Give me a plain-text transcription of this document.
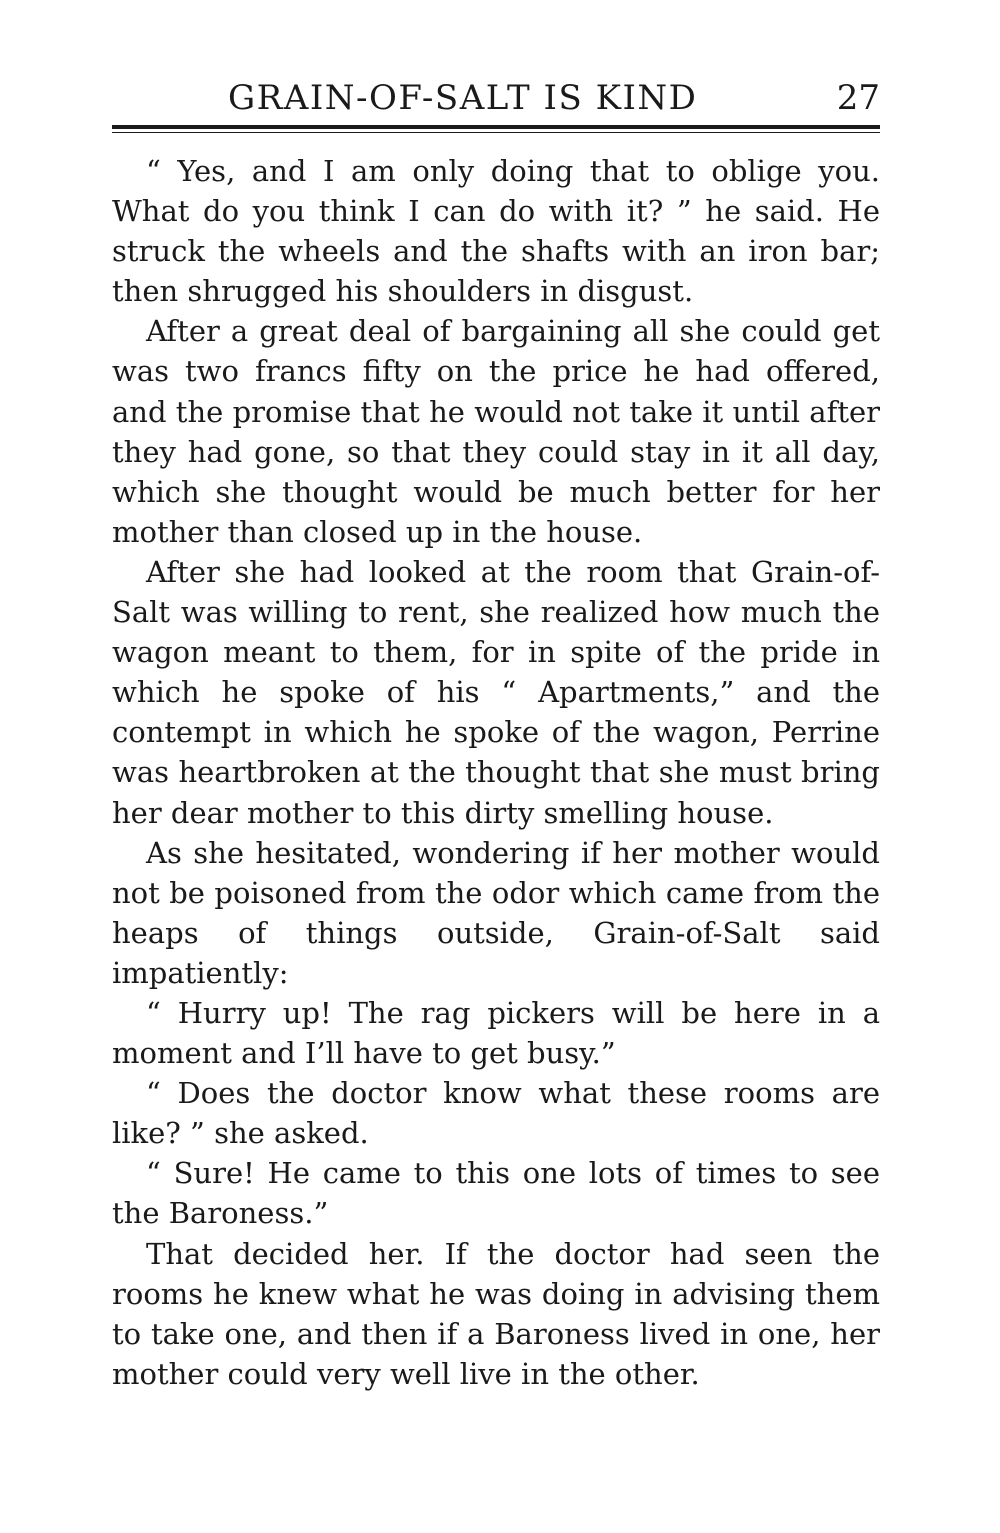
GRAIN-OF-SALT IS KIND	27

“ Yes, and I am only doing that to oblige you. What do you think I can do with it? ” he said. He struck the wheels and the shafts with an iron bar; then shrugged his shoulders in disgust.

After a great deal of bargaining all she could get was two francs fifty on the price he had offered, and the promise that he would not take it until after they had gone, so that they could stay in it all day, which she thought would be much better for her mother than closed up in the house.

After she had looked at the room that Grain-of-Salt was willing to rent, she realized how much the wagon meant to them, for in spite of the pride in which he spoke of his “ Apartments,” and the contempt in which he spoke of the wagon, Perrine was heartbroken at the thought that she must bring her dear mother to this dirty smelling house.

As she hesitated, wondering if her mother would not be poisoned from the odor which came from the heaps of things outside, Grain-of-Salt said impatiently:

“ Hurry up! The rag pickers will be here in a moment and I’ll have to get busy.”

“ Does the doctor know what these rooms are like? ” she asked.

“ Sure! He came to this one lots of times to see the Baroness.”

That decided her. If the doctor had seen the rooms he knew what he was doing in advising them to take one, and then if a Baroness lived in one, her mother could very well live in the other.
